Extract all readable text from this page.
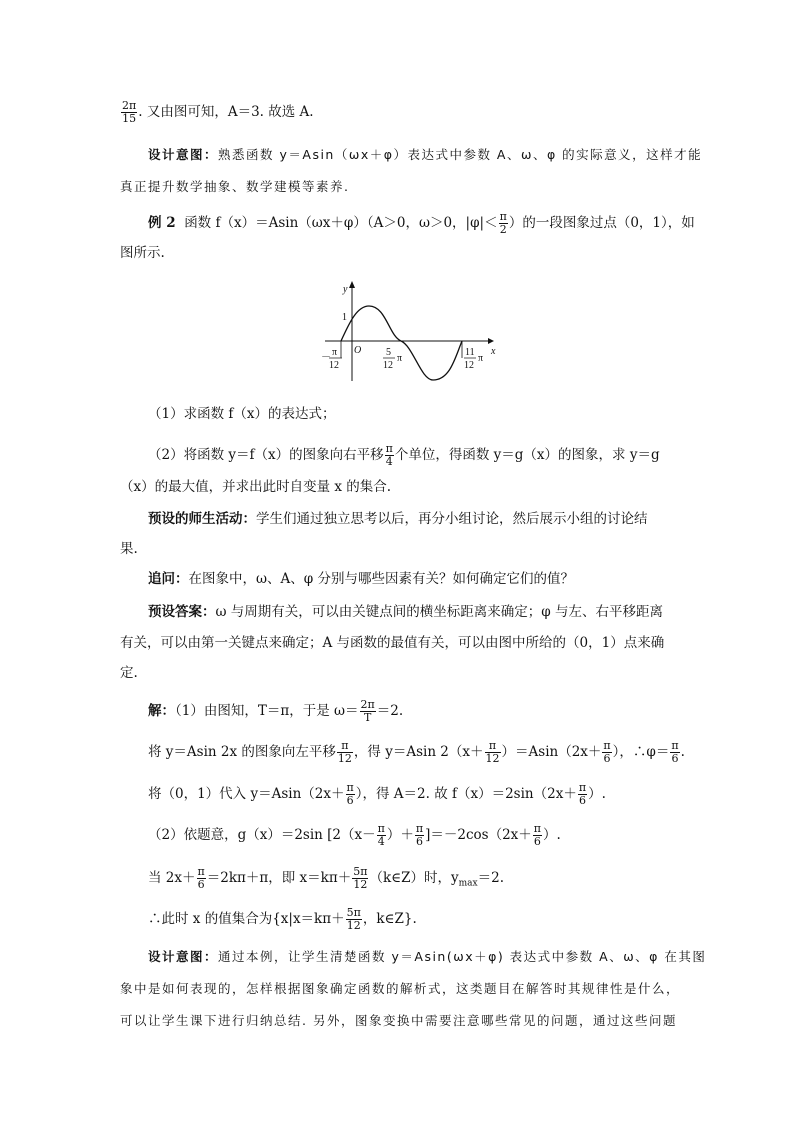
$\frac{2\pi}{15}$ . 又由图可知，A＝3. 故选 A.
设计意图：熟悉函数 y＝Asin（ωx＋φ）表达式中参数 A、ω、φ 的实际意义，这样才能
真正提升数学抽象、数学建模等素养.
例 2 函数 f（x）＝Asin（ωx＋φ）（A＞0，ω＞0，$|\varphi|< \frac{\pi}{2}$ ）的一段图象过点（0，1），如
图所示.
（1）求函数 f（x）的表达式；
（2）将函数 y＝f（x）的图象向右平移 $\frac{\pi}{4}$ 个单位，得函数 y＝g（x）的图象，求 y＝g
（x）的最大值，并求出此时自变量 x 的集合.
预设的师生活动：学生们通过独立思考以后，再分小组讨论，然后展示小组的讨论结
果.
追问：在图象中，ω、A、φ 分别与哪些因素有关？如何确定它们的值？
预设答案：ω 与周期有关，可以由关键点间的横坐标距离来确定；φ 与左、右平移距离
有关，可以由第一关键点来确定；A 与函数的最值有关，可以由图中所给的（0，1）点来确
定.
解：（1）由图知，T＝π，于是 $\omega= \frac{2\pi}{T} =2$.
将 y＝Asin 2x 的图象向左平移 $\frac{\pi}{12}$ ，得 y＝Asin $2(x+ \frac{\pi}{12} )=Asin(2x+ \frac{\pi}{6}$ ），∴φ＝ $\frac{\pi}{6}$ .
将（0，1）代入 $y=Asin(2x+ \frac{\pi}{6}$ ），得 A＝2. 故 $f(x)=2\sin(2x+ \frac{\pi}{6}$ ）.
（2）依题意，g（x）＝2sin [$2(x- \frac{\pi}{4}$ ）＋ $\frac{\pi}{6} ]=-2\cos(2x+ \frac{\pi}{6}$ ）.
当 $2x+ \frac{\pi}{6} =2k\pi+\pi$，即 $x=k\pi+ \frac{5\pi}{12}$ （k∈Z）时，$y_{max}=2$.
∴此时 x 的值集合为{$x|x=k\pi+ \frac{5\pi}{12}$ ，k∈Z}.
设计意图：通过本例，让学生清楚函数 y＝Asin(ωx＋φ) 表达式中参数 A、ω、φ 在其图
象中是如何表现的，怎样根据图象确定函数的解析式，这类题目在解答时其规律性是什么，
可以让学生课下进行归纳总结. 另外，图象变换中需要注意哪些常见的问题，通过这些问题
y
x
O
1
－ π
12
5
12
π
11
12
π
